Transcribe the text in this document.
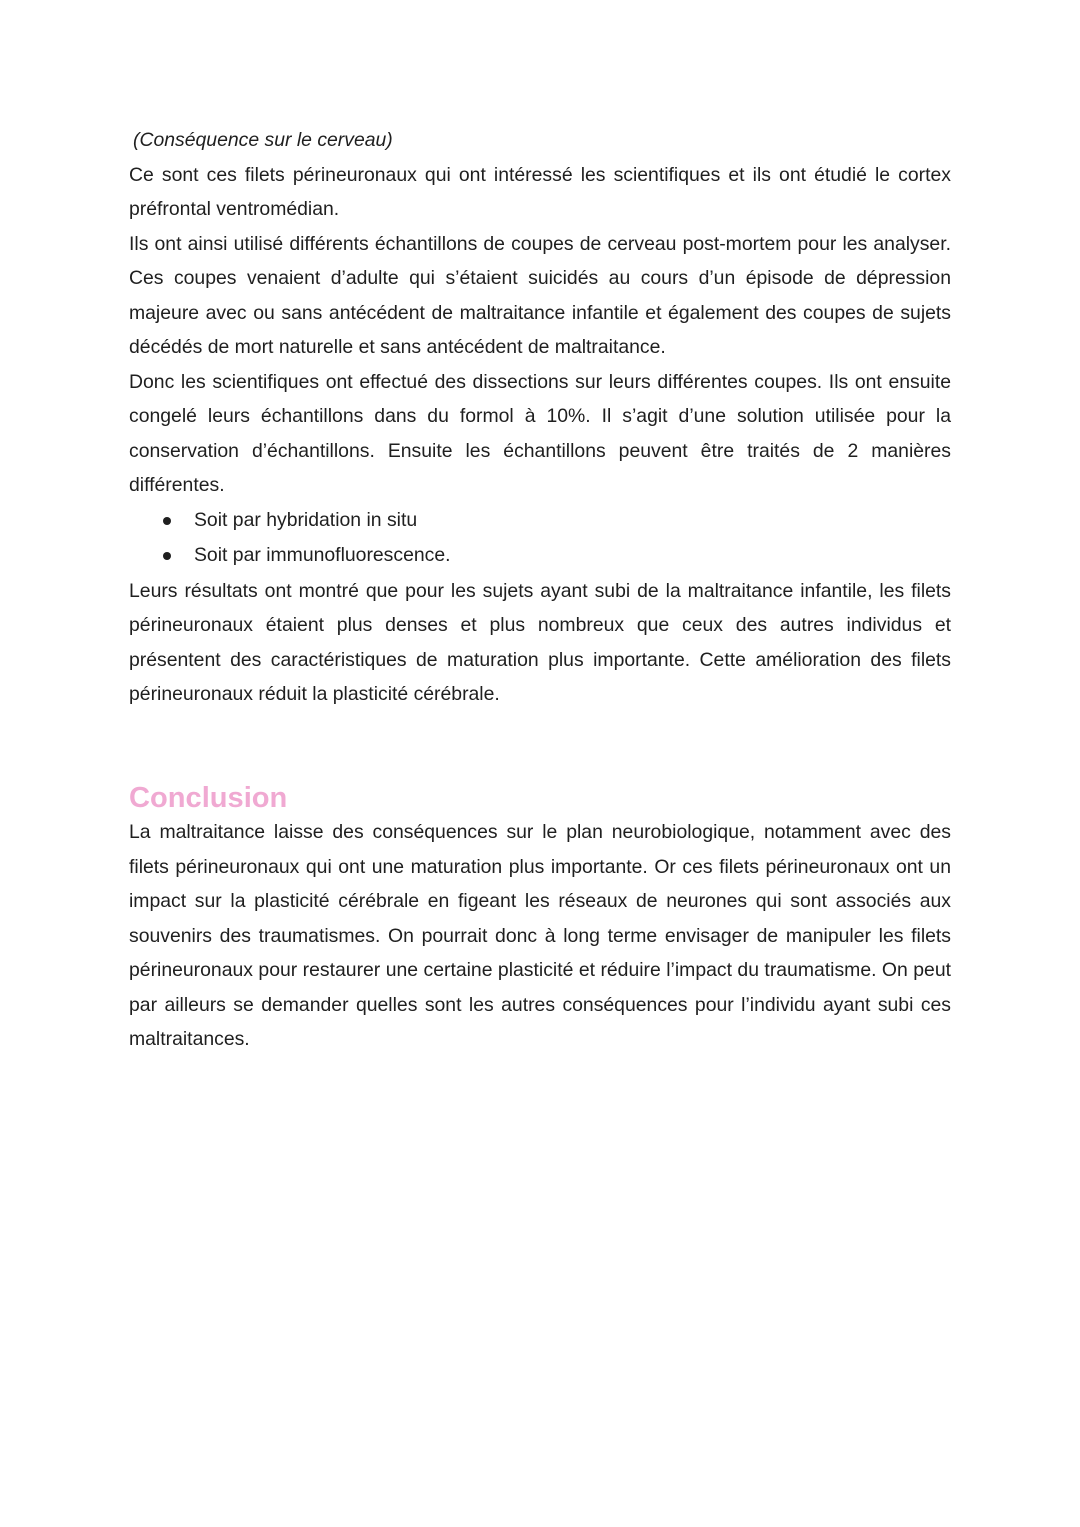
(Conséquence sur le cerveau)

Ce sont ces filets périneuronaux qui ont intéressé les scientifiques et ils ont étudié le cortex préfrontal ventromédian.

Ils ont ainsi utilisé différents échantillons de coupes de cerveau post-mortem pour les analyser. Ces coupes venaient d’adulte qui s’étaient suicidés au cours d’un épisode de dépression majeure avec ou sans antécédent de maltraitance infantile et également des coupes de sujets décédés de mort naturelle et sans antécédent de maltraitance.

Donc les scientifiques ont effectué des dissections sur leurs différentes coupes. Ils ont ensuite congelé leurs échantillons dans du formol à 10%. Il s’agit d’une solution utilisée pour la conservation d’échantillons. Ensuite les échantillons peuvent être traités de 2 manières différentes.

Soit par hybridation in situ
Soit par immunofluorescence.

Leurs résultats ont montré que pour les sujets ayant subi de la maltraitance infantile, les filets périneuronaux étaient plus denses et plus nombreux que ceux des autres individus et présentent des caractéristiques de maturation plus importante. Cette amélioration des filets périneuronaux réduit la plasticité cérébrale.

Conclusion

La maltraitance laisse des conséquences sur le plan neurobiologique, notamment avec des filets périneuronaux qui ont une maturation plus importante. Or ces filets périneuronaux ont un impact sur la plasticité cérébrale en figeant les réseaux de neurones qui sont associés aux souvenirs des traumatismes. On pourrait donc à long terme envisager de manipuler les filets périneuronaux pour restaurer une certaine plasticité et réduire l’impact du traumatisme. On peut par ailleurs se demander quelles sont les autres conséquences pour l’individu ayant subi ces maltraitances.
